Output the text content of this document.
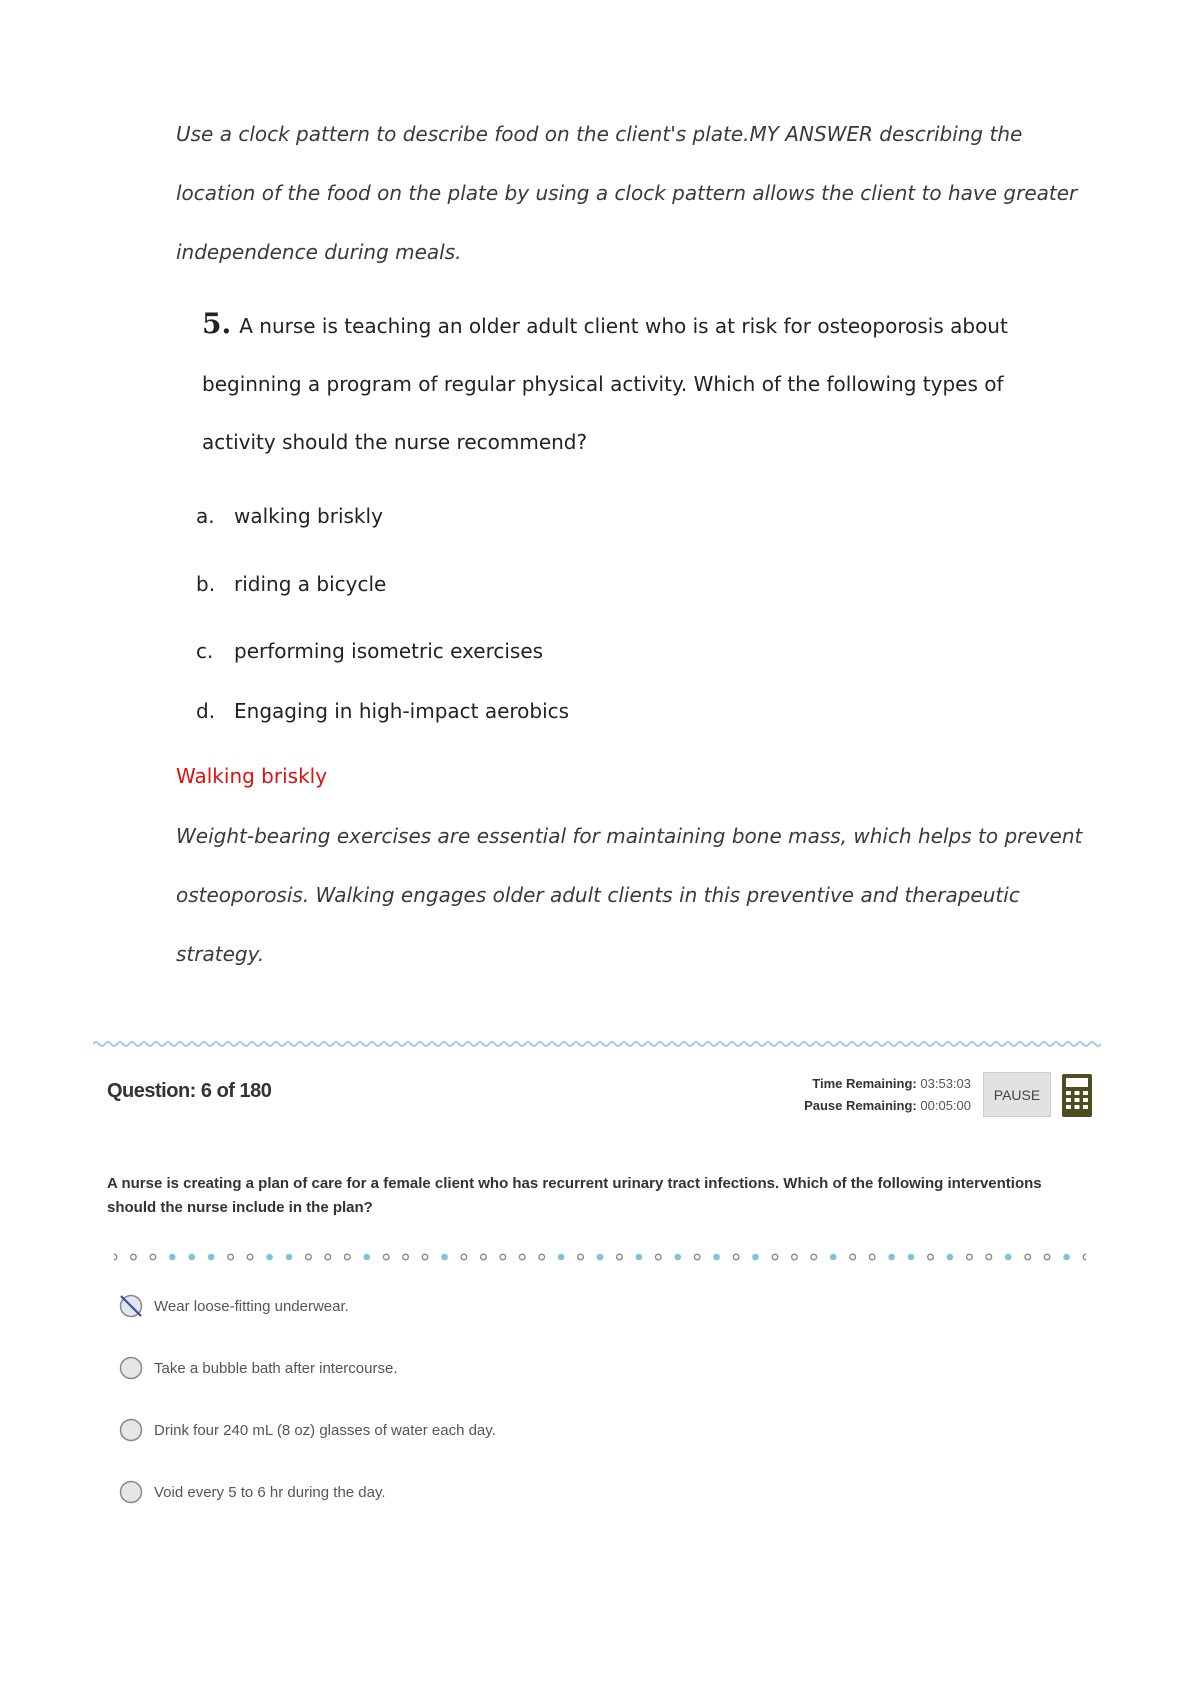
Use a clock pattern to describe food on the client's plate.MY ANSWER describing the location of the food on the plate by using a clock pattern allows the client to have greater independence during meals.

5. A nurse is teaching an older adult client who is at risk for osteoporosis about beginning a program of regular physical activity. Which of the following types of activity should the nurse recommend?

a. walking briskly
b. riding a bicycle
c.	performing isometric exercises
d. Engaging in high-impact aerobics

Walking briskly

Weight-bearing exercises are essential for maintaining bone mass, which helps to prevent osteoporosis. Walking engages older adult clients in this preventive and therapeutic strategy.

Question: 6 of 180	Time Remaining: 03:53:03
Pause Remaining: 00:05:00
PAUSE

A nurse is creating a plan of care for a female client who has recurrent urinary tract infections. Which of the following interventions should the nurse include in the plan?

Wear loose-fitting underwear.
Take a bubble bath after intercourse.
Drink four 240 mL (8 oz) glasses of water each day.
Void every 5 to 6 hr during the day.
